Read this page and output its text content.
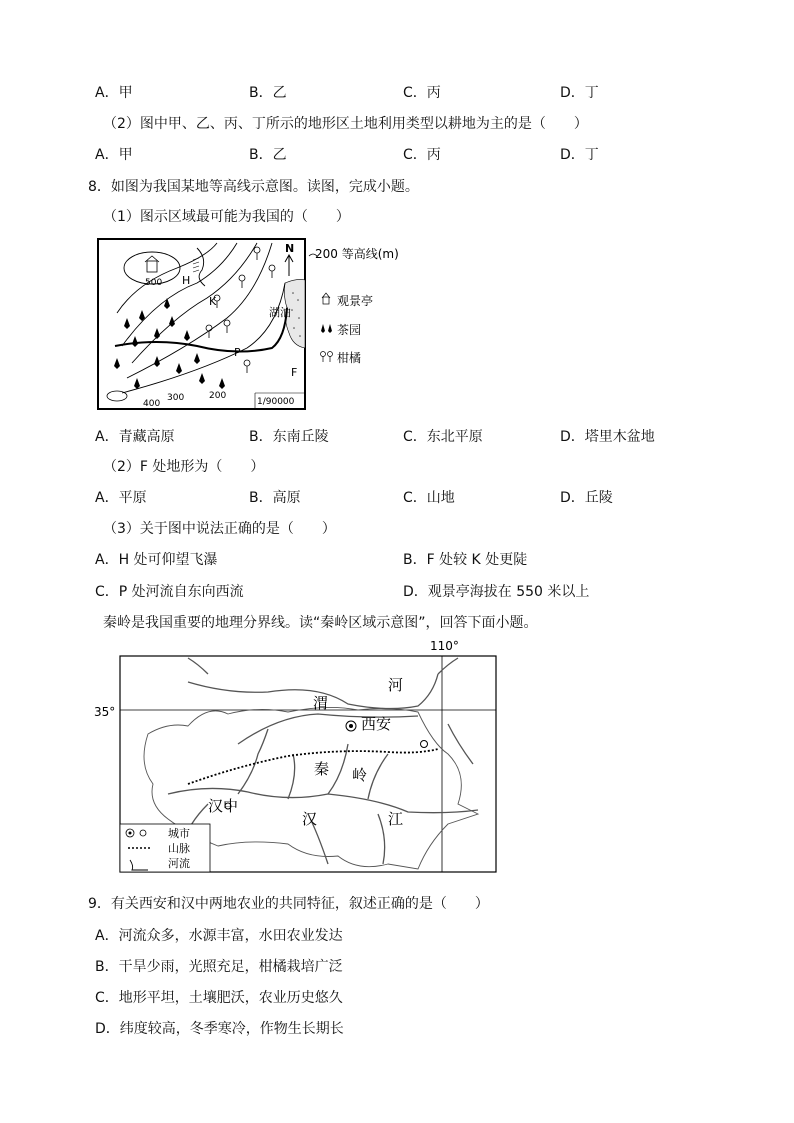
A．甲	B．乙	C．丙	D．丁
（2）图中甲、乙、丙、丁所示的地形区土地利用类型以耕地为主的是（　　）
A．甲	B．乙	C．丙	D．丁
8．如图为我国某地等高线示意图。读图，完成小题。
（1）图示区域最可能为我国的（　　）
H
K
P
F
湖泊
500
400
300	200
1/90000
N 200 等高线(m)
观景亭
茶园
柑橘
A．青藏高原	B．东南丘陵	C．东北平原	D．塔里木盆地
（2）F 处地形为（　　）
A．平原	B．高原	C．山地	D．丘陵
（3）关于图中说法正确的是（　　）
A．H 处可仰望飞瀑	B．F 处较 K 处更陡
C．P 处河流自东向西流	D．观景亭海拔在 550 米以上
秦岭是我国重要的地理分界线。读“秦岭区域示意图”，回答下面小题。
110°
35°	渭
河
西安
秦 岭
汉中
汉	江
城市
山脉
河流
9．有关西安和汉中两地农业的共同特征，叙述正确的是（　　）
A．河流众多，水源丰富，水田农业发达
B．干旱少雨，光照充足，柑橘栽培广泛
C．地形平坦，土壤肥沃，农业历史悠久
D．纬度较高，冬季寒冷，作物生长期长
